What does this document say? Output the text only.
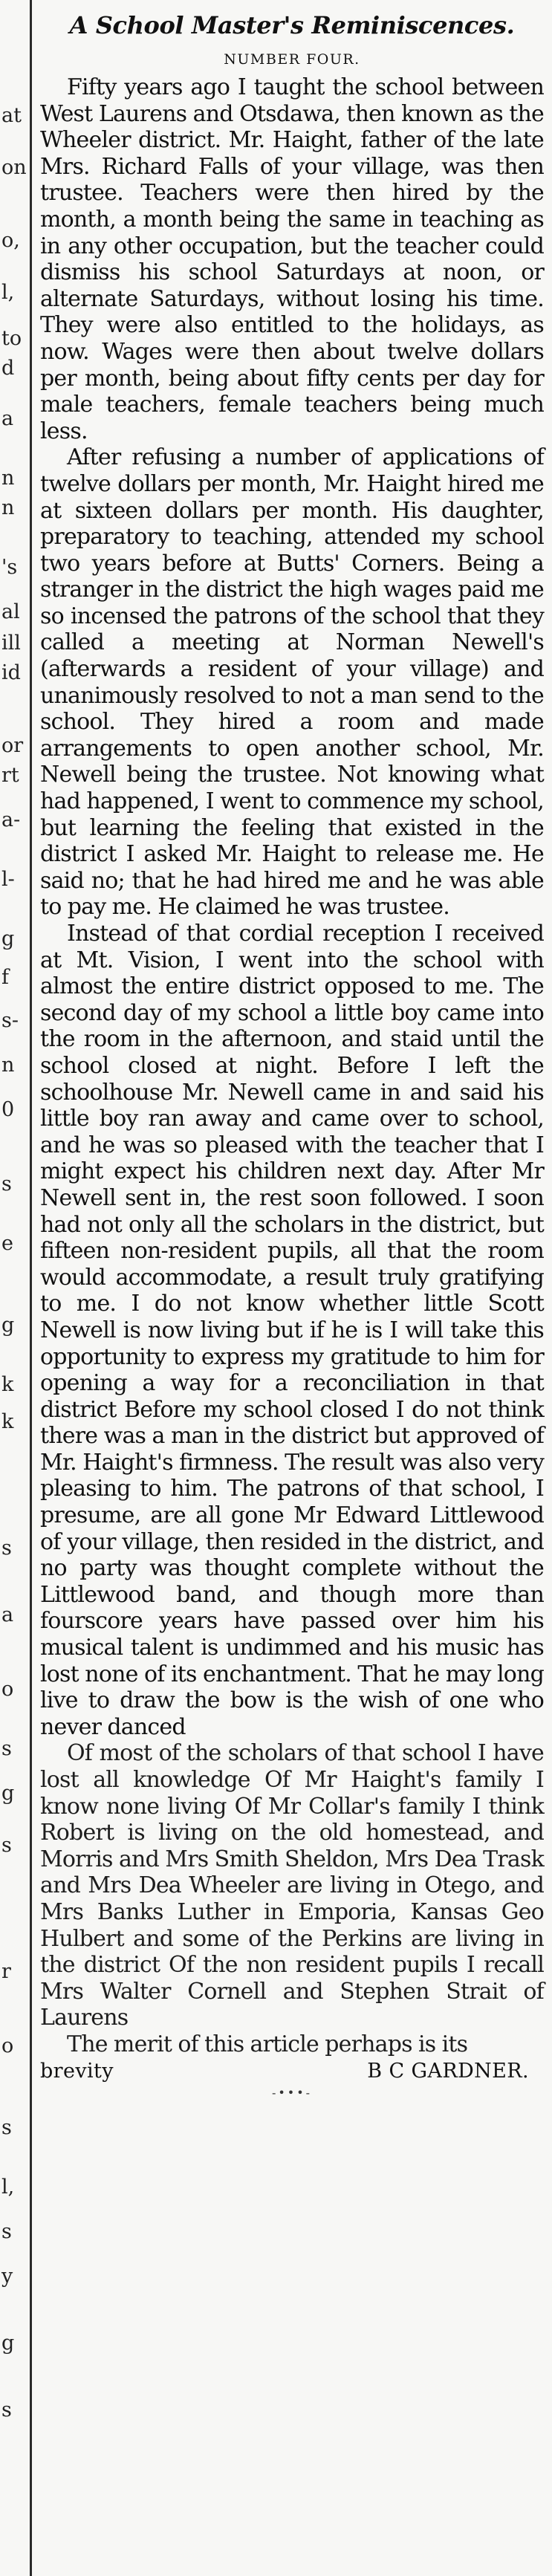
at
on
o,
l,
to
d
a
n
n
's
al
ill
id
or
rt
a-
l-
g
f
s-
n
0
s
e
g
k
k
s
a
o
s
g
s
r
o
s
l,
s
y
g
s
A School Master's Reminiscences.

NUMBER FOUR.

Fifty years ago I taught the school between West Laurens and Otsdawa, then known as the Wheeler district. Mr. Haight, father of the late Mrs. Richard Falls of your village, was then trustee. Teachers were then hired by the month, a month being the same in teaching as in any other occupation, but the teacher could dismiss his school Saturdays at noon, or alternate Saturdays, without losing his time. They were also entitled to the holidays, as now. Wages were then about twelve dollars per month, being about fifty cents per day for male teachers, female teachers being much less.

After refusing a number of applications of twelve dollars per month, Mr. Haight hired me at sixteen dollars per month. His daughter, preparatory to teaching, attended my school two years before at Butts' Corners. Being a stranger in the district the high wages paid me so incensed the patrons of the school that they called a meeting at Norman Newell's (afterwards a resident of your village) and unanimously resolved to not a man send to the school. They hired a room and made arrangements to open another school, Mr. Newell being the trustee. Not knowing what had happened, I went to commence my school, but learning the feeling that existed in the district I asked Mr. Haight to release me. He said no; that he had hired me and he was able to pay me. He claimed he was trustee.

Instead of that cordial reception I received at Mt. Vision, I went into the school with almost the entire district opposed to me. The second day of my school a little boy came into the room in the afternoon, and staid until the school closed at night. Before I left the schoolhouse Mr. Newell came in and said his little boy ran away and came over to school, and he was so pleased with the teacher that I might expect his children next day. After Mr Newell sent in, the rest soon followed. I soon had not only all the scholars in the district, but fifteen non-resident pupils, all that the room would accommodate, a result truly gratifying to me. I do not know whether little Scott Newell is now living but if he is I will take this opportunity to express my gratitude to him for opening a way for a reconciliation in that district Before my school closed I do not think there was a man in the district but approved of Mr. Haight's firmness. The result was also very pleasing to him. The patrons of that school, I presume, are all gone Mr Edward Littlewood of your village, then resided in the district, and no party was thought complete without the Littlewood band, and though more than fourscore years have passed over him his musical talent is undimmed and his music has lost none of its enchantment. That he may long live to draw the bow is the wish of one who never danced

Of most of the scholars of that school I have lost all knowledge Of Mr Haight's family I know none living Of Mr Collar's family I think Robert is living on the old homestead, and Morris and Mrs Smith Sheldon, Mrs Dea Trask and Mrs Dea Wheeler are living in Otego, and Mrs Banks Luther in Emporia, Kansas Geo Hulbert and some of the Perkins are living in the district Of the non resident pupils I recall Mrs Walter Cornell and Stephen Strait of Laurens

The merit of this article perhaps is its

brevity	B C GARDNER.

-•••-
